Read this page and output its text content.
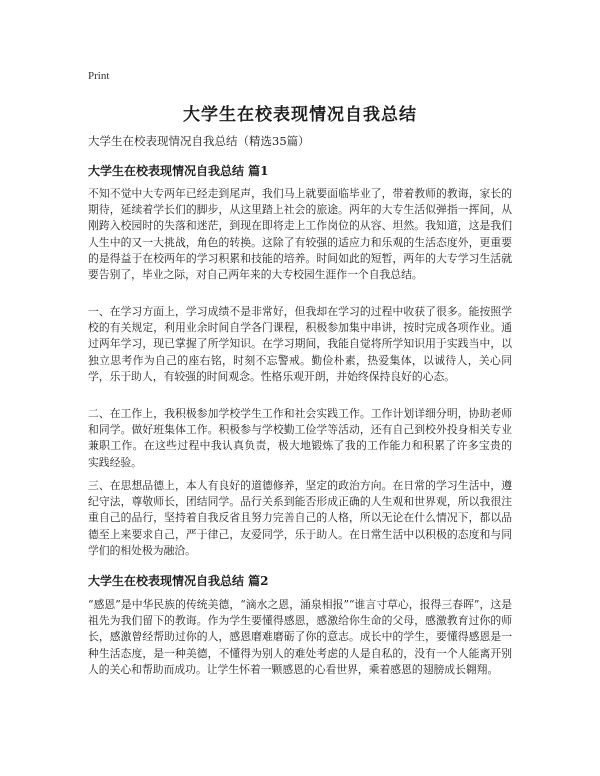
Print
大学生在校表现情况自我总结
大学生在校表现情况自我总结（精选35篇）
大学生在校表现情况自我总结 篇1
不知不觉中大专两年已经走到尾声，我们马上就要面临毕业了，带着教师的教诲，家长的期待，延续着学长们的脚步，从这里踏上社会的旅途。两年的大专生活似弹指一挥间，从刚跨入校园时的失落和迷茫，到现在即将走上工作岗位的从容、坦然。我知道，这是我们人生中的又一大挑战，角色的转换。这除了有较强的适应力和乐观的生活态度外，更重要的是得益于在校两年的学习积累和技能的培养。时间如此的短暂，两年的大专学习生活就要告别了，毕业之际，对自己两年来的大专校园生涯作一个自我总结。
一、在学习方面上，学习成绩不是非常好，但我却在学习的过程中收获了很多。能按照学校的有关规定，利用业余时间自学各门课程，积极参加集中串讲，按时完成各项作业。通过两年学习，现已掌握了所学知识。在学习期间，我能自觉将所学知识用于实践当中，以独立思考作为自己的座右铭，时刻不忘警戒。勤俭朴素，热爱集体，以诚待人，关心同学，乐于助人，有较强的时间观念。性格乐观开朗，并始终保持良好的心态。
二、在工作上，我积极参加学校学生工作和社会实践工作。工作计划详细分明，协助老师和同学。做好班集体工作。积极参与学校勤工俭学等活动，还有自己到校外投身相关专业兼职工作。在这些过程中我认真负责，极大地锻炼了我的工作能力和积累了许多宝贵的 实践经验。
三、在思想品德上，本人有良好的道德修养，坚定的政治方向。在日常的学习生活中，遵纪守法，尊敬师长，团结同学。品行关系到能否形成正确的人生观和世界观，所以我很注重自己的品行，坚持着自我反省且努力完善自己的人格，所以无论在什么情况下，都以品德至上来要求自己，严于律己，友爱同学，乐于助人。在日常生活中以积极的态度和与同学们的相处极为融洽。
大学生在校表现情况自我总结 篇2
“感恩”是中华民族的传统美德，“滴水之恩，涌泉相报”“谁言寸草心，报得三春晖”，这是祖先为我们留下的教诲。作为学生要懂得感恩，感激给你生命的父母，感激教育过你的师长，感激曾经帮助过你的人，感恩磨难磨砺了你的意志。成长中的学生，要懂得感恩是一种生活态度，是一种美德，不懂得为别人的难处考虑的人是自私的，没有一个人能离开别人的关心和帮助而成功。让学生怀着一颗感恩的心看世界，乘着感恩的翅膀成长翱翔。
